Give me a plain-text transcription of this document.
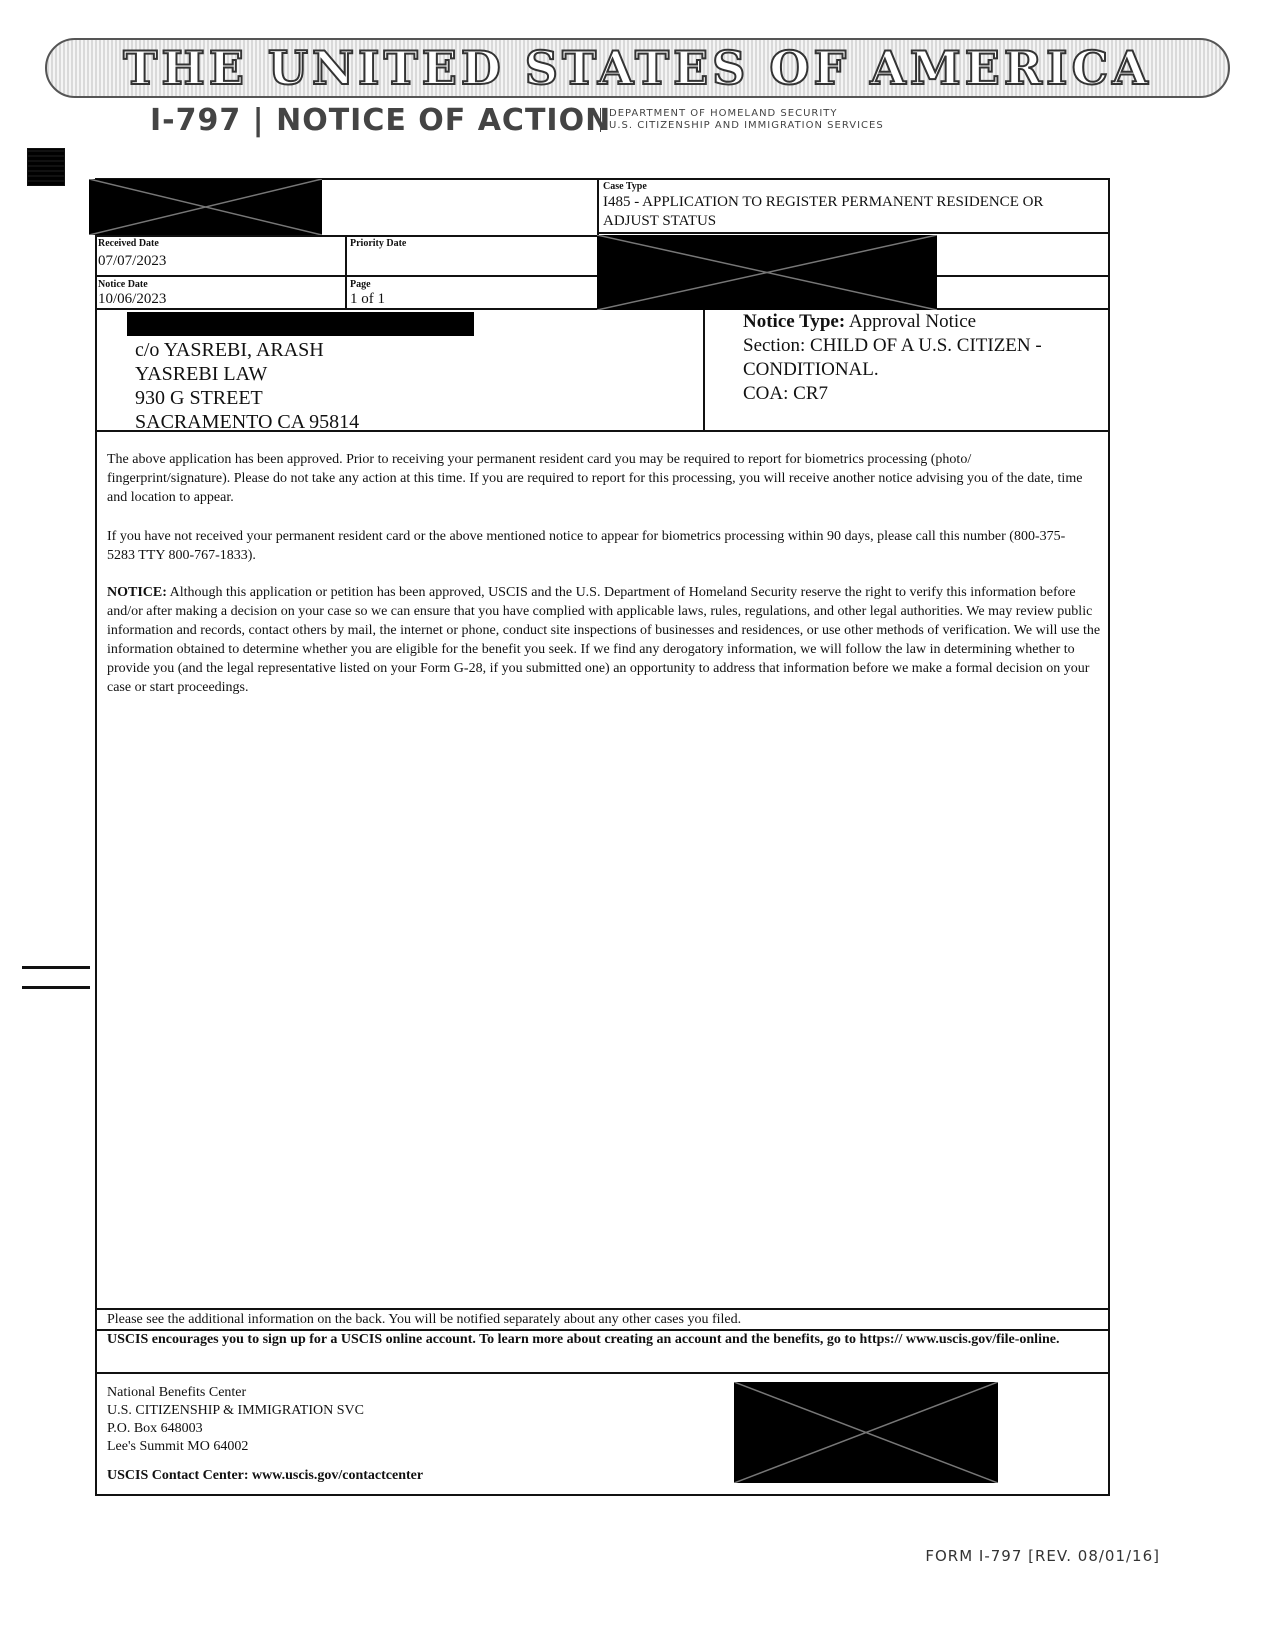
THE UNITED STATES OF AMERICA
I-797 | NOTICE OF ACTION
DEPARTMENT OF HOMELAND SECURITY
U.S. CITIZENSHIP AND IMMIGRATION SERVICES
Case Type
I485 - APPLICATION TO REGISTER PERMANENT RESIDENCE OR ADJUST STATUS
Received Date
07/07/2023
Priority Date
Notice Date
10/06/2023
Page
1 of 1
c/o YASREBI, ARASH
YASREBI LAW
930 G STREET
SACRAMENTO CA 95814
Notice Type: Approval Notice
Section: CHILD OF A U.S. CITIZEN -
CONDITIONAL.
COA: CR7
The above application has been approved. Prior to receiving your permanent resident card you may be required to report for biometrics processing (photo/ fingerprint/signature). Please do not take any action at this time. If you are required to report for this processing, you will receive another notice advising you of the date, time and location to appear.
If you have not received your permanent resident card or the above mentioned notice to appear for biometrics processing within 90 days, please call this number (800-375-5283 TTY 800-767-1833).
NOTICE: Although this application or petition has been approved, USCIS and the U.S. Department of Homeland Security reserve the right to verify this information before and/or after making a decision on your case so we can ensure that you have complied with applicable laws, rules, regulations, and other legal authorities. We may review public information and records, contact others by mail, the internet or phone, conduct site inspections of businesses and residences, or use other methods of verification. We will use the information obtained to determine whether you are eligible for the benefit you seek. If we find any derogatory information, we will follow the law in determining whether to provide you (and the legal representative listed on your Form G-28, if you submitted one) an opportunity to address that information before we make a formal decision on your case or start proceedings.
Please see the additional information on the back. You will be notified separately about any other cases you filed.
USCIS encourages you to sign up for a USCIS online account. To learn more about creating an account and the benefits, go to https:// www.uscis.gov/file-online.
National Benefits Center
U.S. CITIZENSHIP & IMMIGRATION SVC
P.O. Box 648003
Lee's Summit MO 64002
USCIS Contact Center: www.uscis.gov/contactcenter
FORM I-797 [REV. 08/01/16]
